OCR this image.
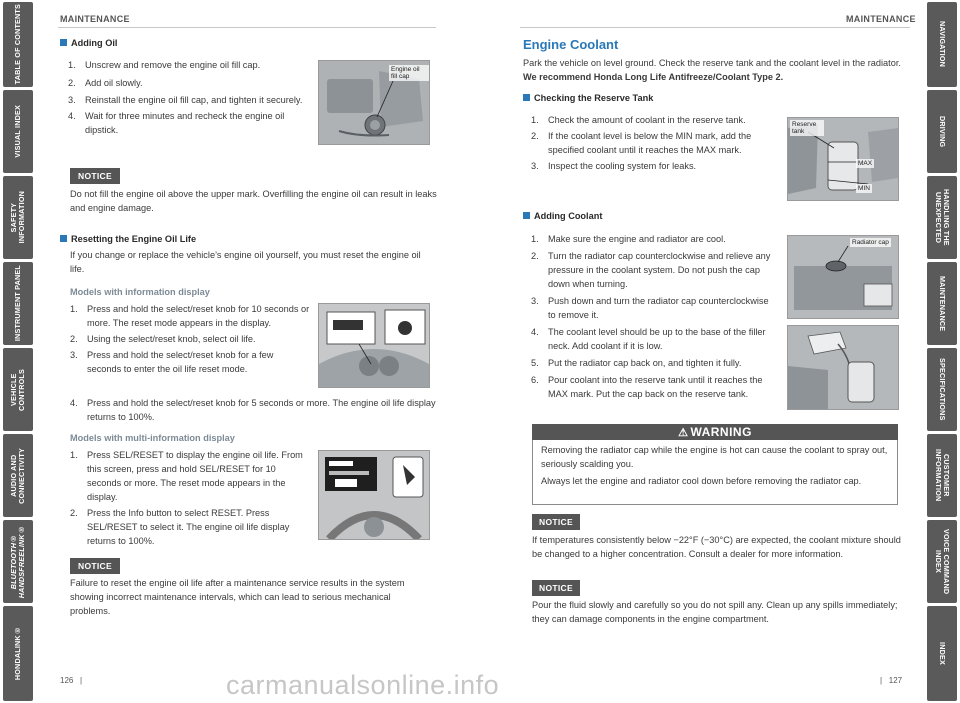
TABLE OF CONTENTS
VISUAL INDEX
SAFETY
INFORMATION
INSTRUMENT PANEL
VEHICLE
CONTROLS
AUDIO AND
CONNECTIVITY
BLUETOOTH®
HANDSFREELINK®
HONDALINK®
NAVIGATION
DRIVING
HANDLING THE
UNEXPECTED
MAINTENANCE
SPECIFICATIONS
CUSTOMER
INFORMATION
VOICE COMMAND
INDEX
INDEX
MAINTENANCE
Adding Oil
1. Unscrew and remove the engine oil fill cap.
2. Add oil slowly.
3. Reinstall the engine oil fill cap, and tighten it securely.
4. Wait for three minutes and recheck the engine oil dipstick.
Engine oil fill cap
NOTICE

Do not fill the engine oil above the upper mark. Overfilling the engine oil can result in leaks and engine damage.

Resetting the Engine Oil Life

If you change or replace the vehicle’s engine oil yourself, you must reset the engine oil life.

Models with information display
1. Press and hold the select/reset knob for 10 seconds or more. The reset mode appears in the display.
2. Using the select/reset knob, select oil life.
3. Press and hold the select/reset knob for a few seconds to enter the oil life reset mode.
4. Press and hold the select/reset knob for 5 seconds or more. The engine oil life display returns to 100%.
Models with multi-information display
1. Press SEL/RESET to display the engine oil life. From this screen, press and hold SEL/RESET for 10 seconds or more. The reset mode appears in the display.
2. Press the Info button to select RESET. Press SEL/RESET to select it. The engine oil life display returns to 100%.
NOTICE

Failure to reset the engine oil life after a maintenance service results in the system showing incorrect maintenance intervals, which can lead to serious mechanical problems.

126   |
MAINTENANCE
Engine Coolant

Park the vehicle on level ground. Check the reserve tank and the coolant level in the radiator. We recommend Honda Long Life Antifreeze/Coolant Type 2.

Checking the Reserve Tank
1. Check the amount of coolant in the reserve tank.
2. If the coolant level is below the MIN mark, add the specified coolant until it reaches the MAX mark.
3. Inspect the cooling system for leaks.
Reserve tank
MAX
MIN
Adding Coolant
1. Make sure the engine and radiator are cool.
2. Turn the radiator cap counterclockwise and relieve any pressure in the coolant system. Do not push the cap down when turning.
3. Push down and turn the radiator cap counterclockwise to remove it.
4. The coolant level should be up to the base of the filler neck. Add coolant if it is low.
5. Put the radiator cap back on, and tighten it fully.
6. Pour coolant into the reserve tank until it reaches the MAX mark. Put the cap back on the reserve tank.
Radiator cap
⚠ WARNING

Removing the radiator cap while the engine is hot can cause the coolant to spray out, seriously scalding you.

Always let the engine and radiator cool down before removing the radiator cap.

NOTICE

If temperatures consistently below −22°F (−30°C) are expected, the coolant mixture should be changed to a higher concentration. Consult a dealer for more information.

NOTICE

Pour the fluid slowly and carefully so you do not spill any. Clean up any spills immediately; they can damage components in the engine compartment.

|   127
carmanualsonline.info
